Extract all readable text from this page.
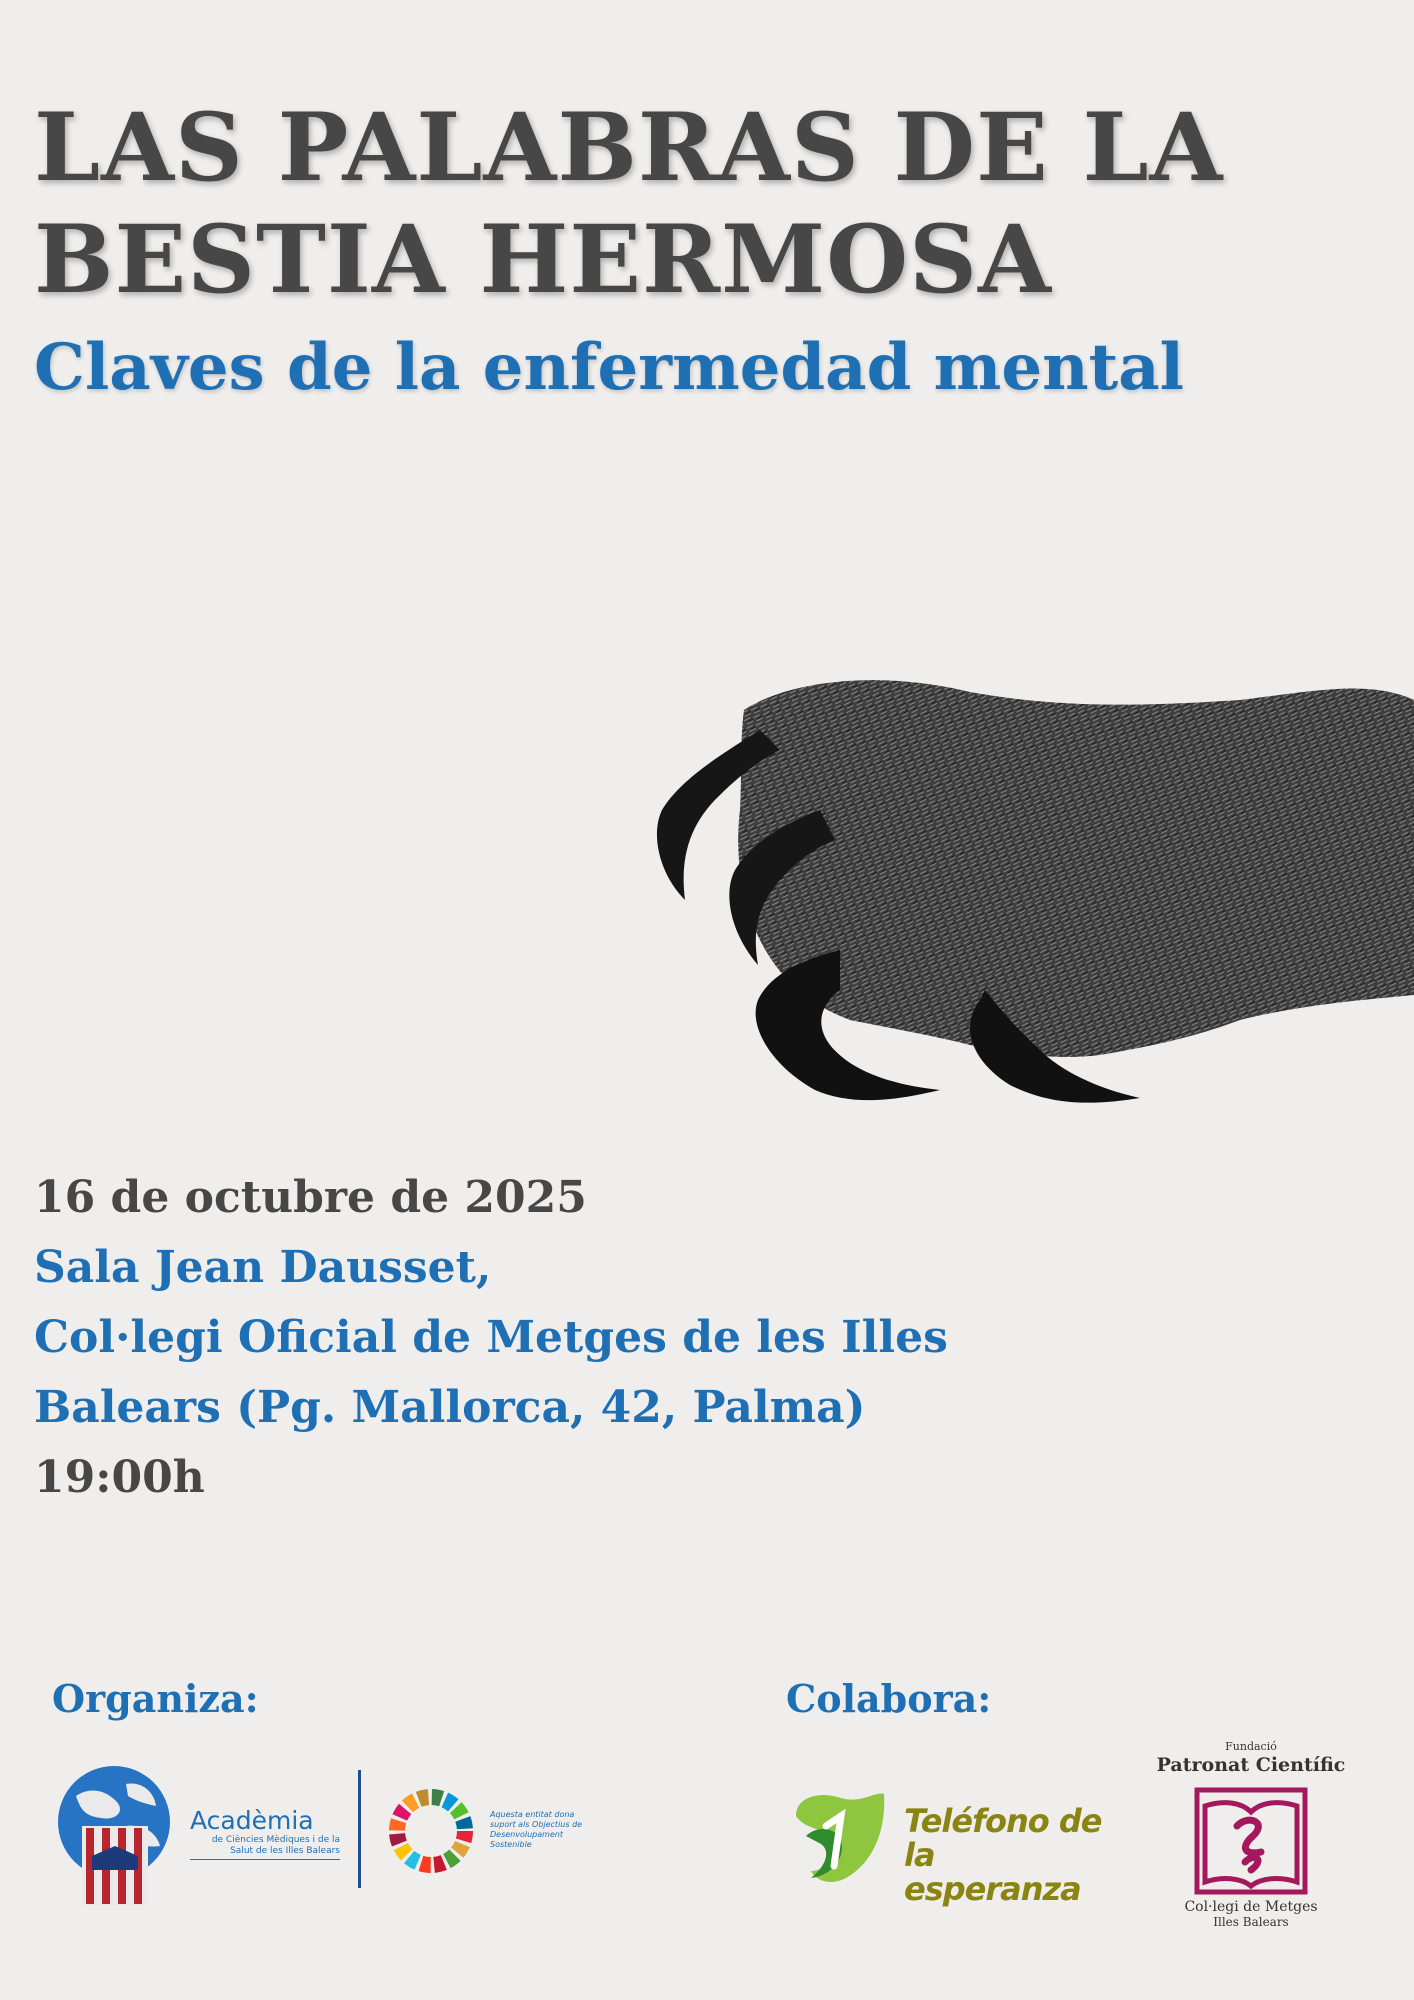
LAS PALABRAS DE LA
BESTIA HERMOSA
Claves de la enfermedad mental
16 de octubre de 2025
Sala Jean Dausset,
Col·legi Oficial de Metges de les Illes
Balears (Pg. Mallorca, 42, Palma)
19:00h
Organiza:	Colabora:
Acadèmia
de Ciències Mèdiques i de la Salut de les Illes Balears
Aquesta entitat dona suport als Objectius de Desenvolupament Sostenible
Teléfono de
la esperanza
Fundació
Patronat Científic
Col·legi de Metges
Illes Balears
